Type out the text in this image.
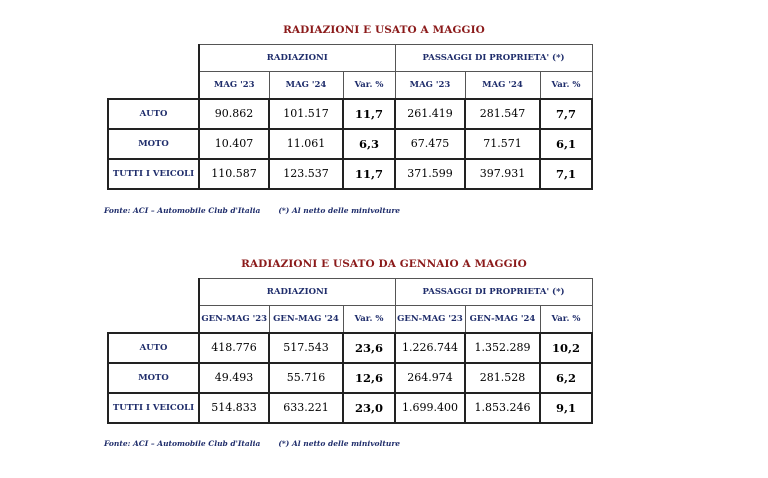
RADIAZIONI E USATO A MAGGIO
	RADIAZIONI			PASSAGGI DI PROPRIETA' (*)		
	MAG '23	MAG '24	Var. %	MAG '23	MAG '24	Var. %
AUTO	90.862	101.517	11,7	261.419	281.547	7,7
MOTO	10.407	11.061	6,3	67.475	71.571	6,1
TUTTI I VEICOLI	110.587	123.537	11,7	371.599	397.931	7,1
Fonte: ACI – Automobile Club d'Italia (*) Al netto delle minivolture
RADIAZIONI E USATO DA GENNAIO A MAGGIO
	RADIAZIONI			PASSAGGI DI PROPRIETA' (*)		
	GEN-MAG '23	GEN-MAG '24	Var. %	GEN-MAG '23	GEN-MAG '24	Var. %
AUTO	418.776	517.543	23,6	1.226.744	1.352.289	10,2
MOTO	49.493	55.716	12,6	264.974	281.528	6,2
TUTTI I VEICOLI	514.833	633.221	23,0	1.699.400	1.853.246	9,1
Fonte: ACI – Automobile Club d'Italia (*) Al netto delle minivolture
